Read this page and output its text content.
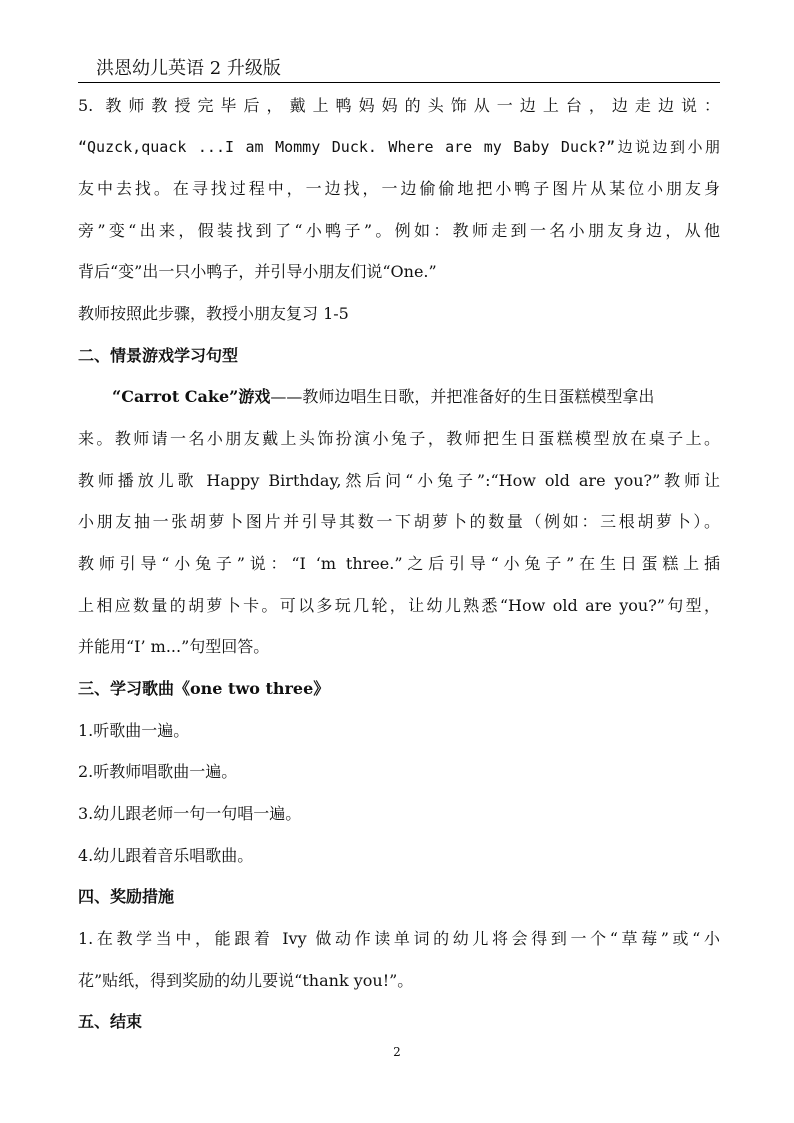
洪恩幼儿英语 2 升级版
5. 教师教授完毕后，戴上鸭妈妈的头饰从一边上台，边走边说：
“Quzck,quack ...I am Mommy Duck. Where are my Baby Duck?”边说边到小朋
友中去找。在寻找过程中，一边找，一边偷偷地把小鸭子图片从某位小朋友身
旁”变“出来，假装找到了“小鸭子”。例如：教师走到一名小朋友身边，从他
背后“变”出一只小鸭子，并引导小朋友们说“One.”
教师按照此步骤，教授小朋友复习 1-5
二、情景游戏学习句型
“Carrot Cake”游戏——教师边唱生日歌，并把准备好的生日蛋糕模型拿出
来。教师请一名小朋友戴上头饰扮演小兔子，教师把生日蛋糕模型放在桌子上。
教师播放儿歌 Happy Birthday,然后问“小兔子”:“How old are you?”教师让
小朋友抽一张胡萝卜图片并引导其数一下胡萝卜的数量（例如：三根胡萝卜）。
教师引导“小兔子”说：“I ‘m three.”之后引导“小兔子”在生日蛋糕上插
上相应数量的胡萝卜卡。可以多玩几轮，让幼儿熟悉“How old are you?”句型，
并能用“I’ m...”句型回答。
三、学习歌曲《one two three》
1.听歌曲一遍。
2.听教师唱歌曲一遍。
3.幼儿跟老师一句一句唱一遍。
4.幼儿跟着音乐唱歌曲。
四、奖励措施
1.在教学当中，能跟着 Ivy 做动作读单词的幼儿将会得到一个“草莓”或“小
花”贴纸，得到奖励的幼儿要说“thank you!”。
五、结束
2
